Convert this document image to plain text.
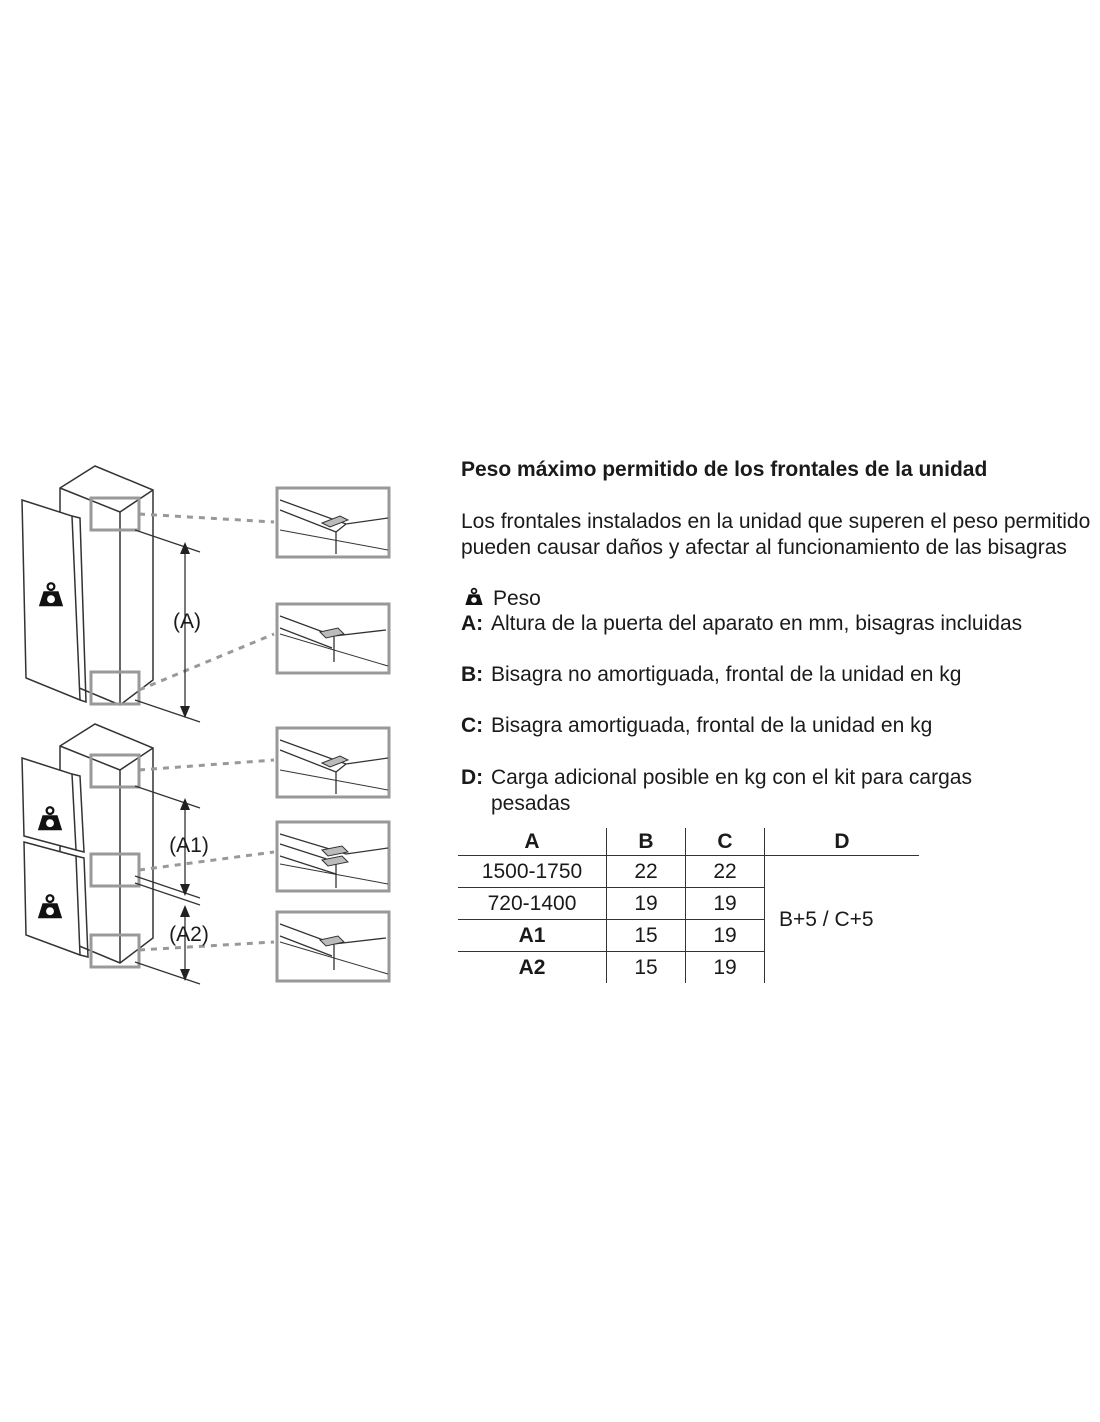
(A)
(A1)
(A2)
Peso máximo permitido de los frontales de la unidad

Los frontales instalados en la unidad que superen el peso permitido pueden causar daños y afectar al funcionamiento de las bisagras

Peso
A: Altura de la puerta del aparato en mm, bisagras incluidas
B: Bisagra no amortiguada, frontal de la unidad en kg
C: Bisagra amortiguada, frontal de la unidad en kg
D: Carga adicional posible en kg con el kit para cargas pesadas
A	B	C	D
1500-1750	22	22	B+5 / C+5
720-1400	19	19	
A1	15	19	
A2	15	19	
